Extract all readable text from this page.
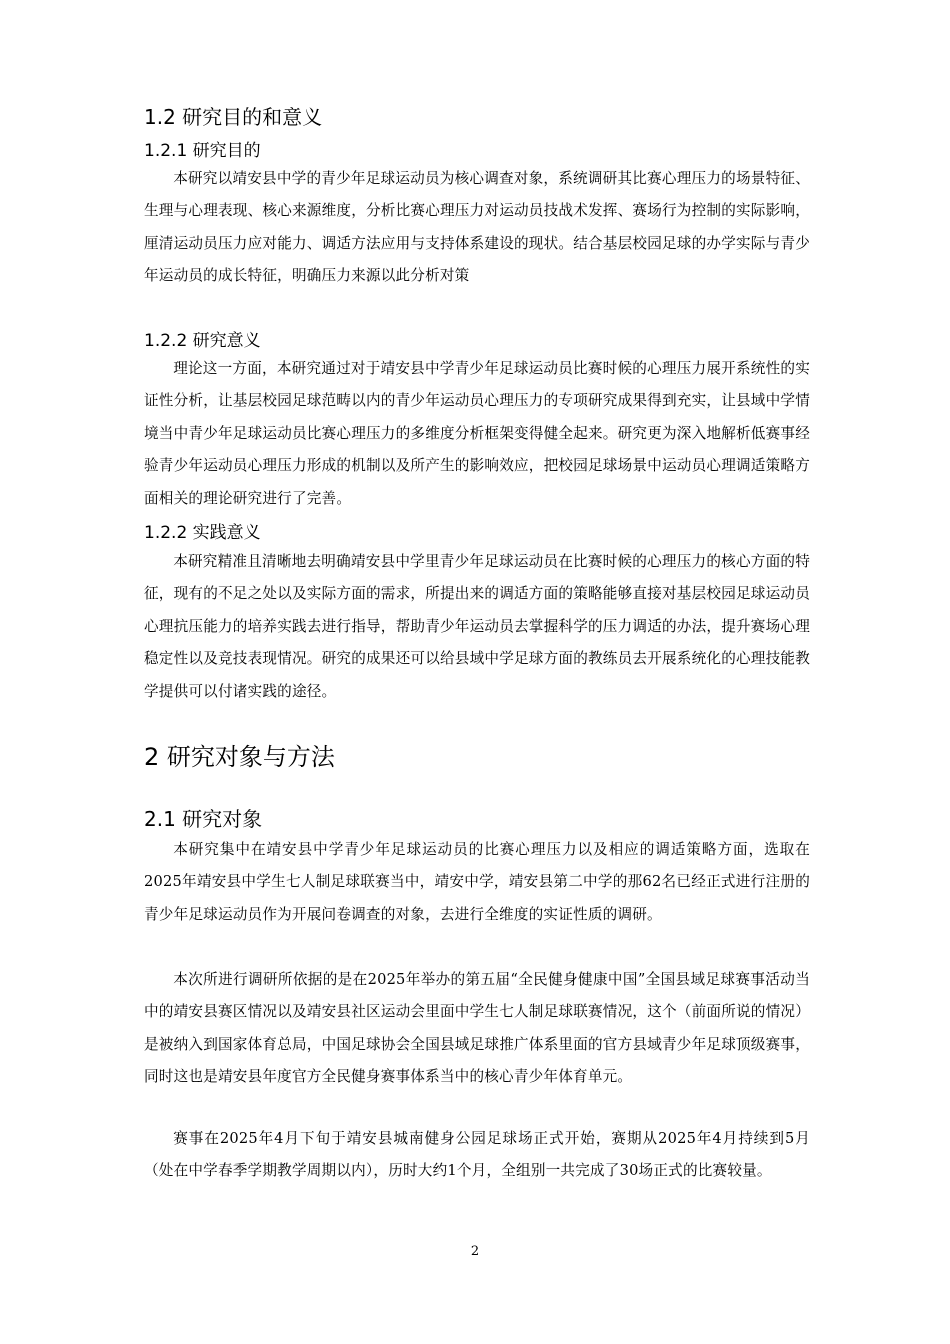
1.2 研究目的和意义
1.2.1 研究目的

本研究以靖安县中学的青少年足球运动员为核心调查对象，系统调研其比赛心理压力的场景特征、生理与心理表现、核心来源维度，分析比赛心理压力对运动员技战术发挥、赛场行为控制的实际影响，厘清运动员压力应对能力、调适方法应用与支持体系建设的现状。结合基层校园足球的办学实际与青少年运动员的成长特征，明确压力来源以此分析对策

1.2.2 研究意义

理论这一方面，本研究通过对于靖安县中学青少年足球运动员比赛时候的心理压力展开系统性的实证性分析，让基层校园足球范畴以内的青少年运动员心理压力的专项研究成果得到充实，让县域中学情境当中青少年足球运动员比赛心理压力的多维度分析框架变得健全起来。研究更为深入地解析低赛事经验青少年运动员心理压力形成的机制以及所产生的影响效应，把校园足球场景中运动员心理调适策略方面相关的理论研究进行了完善。

1.2.2 实践意义

本研究精准且清晰地去明确靖安县中学里青少年足球运动员在比赛时候的心理压力的核心方面的特征，现有的不足之处以及实际方面的需求，所提出来的调适方面的策略能够直接对基层校园足球运动员心理抗压能力的培养实践去进行指导，帮助青少年运动员去掌握科学的压力调适的办法，提升赛场心理稳定性以及竞技表现情况。研究的成果还可以给县域中学足球方面的教练员去开展系统化的心理技能教学提供可以付诸实践的途径。

2 研究对象与方法
2.1 研究对象

本研究集中在靖安县中学青少年足球运动员的比赛心理压力以及相应的调适策略方面，选取在2025年靖安县中学生七人制足球联赛当中，靖安中学，靖安县第二中学的那62名已经正式进行注册的青少年足球运动员作为开展问卷调查的对象，去进行全维度的实证性质的调研。

本次所进行调研所依据的是在2025年举办的第五届“全民健身健康中国”全国县域足球赛事活动当中的靖安县赛区情况以及靖安县社区运动会里面中学生七人制足球联赛情况，这个（前面所说的情况）是被纳入到国家体育总局，中国足球协会全国县域足球推广体系里面的官方县域青少年足球顶级赛事，同时这也是靖安县年度官方全民健身赛事体系当中的核心青少年体育单元。

赛事在2025年4月下旬于靖安县城南健身公园足球场正式开始，赛期从2025年4月持续到5月（处在中学春季学期教学周期以内），历时大约1个月，全组别一共完成了30场正式的比赛较量。

2
